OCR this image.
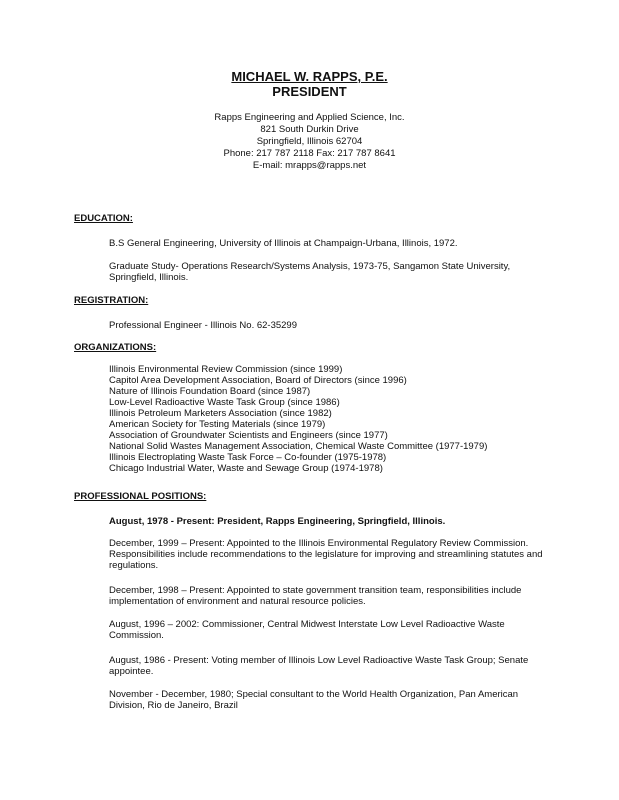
MICHAEL W. RAPPS, P.E.
PRESIDENT
Rapps Engineering and Applied Science, Inc.
821 South Durkin Drive
Springfield, Illinois 62704
Phone: 217 787 2118 Fax: 217 787 8641
E-mail: mrapps@rapps.net
EDUCATION:
B.S General Engineering, University of Illinois at Champaign-Urbana, Illinois, 1972.
Graduate Study- Operations Research/Systems Analysis, 1973-75, Sangamon State University, Springfield, Illinois.
REGISTRATION:
Professional Engineer - Illinois No. 62-35299
ORGANIZATIONS:
Illinois Environmental Review Commission (since 1999)
Capitol Area Development Association, Board of Directors (since 1996)
Nature of Illinois Foundation Board (since 1987)
Low-Level Radioactive Waste Task Group (since 1986)
Illinois Petroleum Marketers Association (since 1982)
American Society for Testing Materials (since 1979)
Association of Groundwater Scientists and Engineers (since 1977)
National Solid Wastes Management Association, Chemical Waste Committee (1977-1979)
Illinois Electroplating Waste Task Force – Co-founder (1975-1978)
Chicago Industrial Water, Waste and Sewage Group (1974-1978)
PROFESSIONAL POSITIONS:
August, 1978 - Present: President, Rapps Engineering, Springfield, Illinois.
December, 1999 – Present: Appointed to the Illinois Environmental Regulatory Review Commission. Responsibilities include recommendations to the legislature for improving and streamlining statutes and regulations.
December, 1998 – Present: Appointed to state government transition team, responsibilities include implementation of environment and natural resource policies.
August, 1996 – 2002: Commissioner, Central Midwest Interstate Low Level Radioactive Waste Commission.
August, 1986 - Present: Voting member of Illinois Low Level Radioactive Waste Task Group; Senate appointee.
November - December, 1980; Special consultant to the World Health Organization, Pan American Division, Rio de Janeiro, Brazil
